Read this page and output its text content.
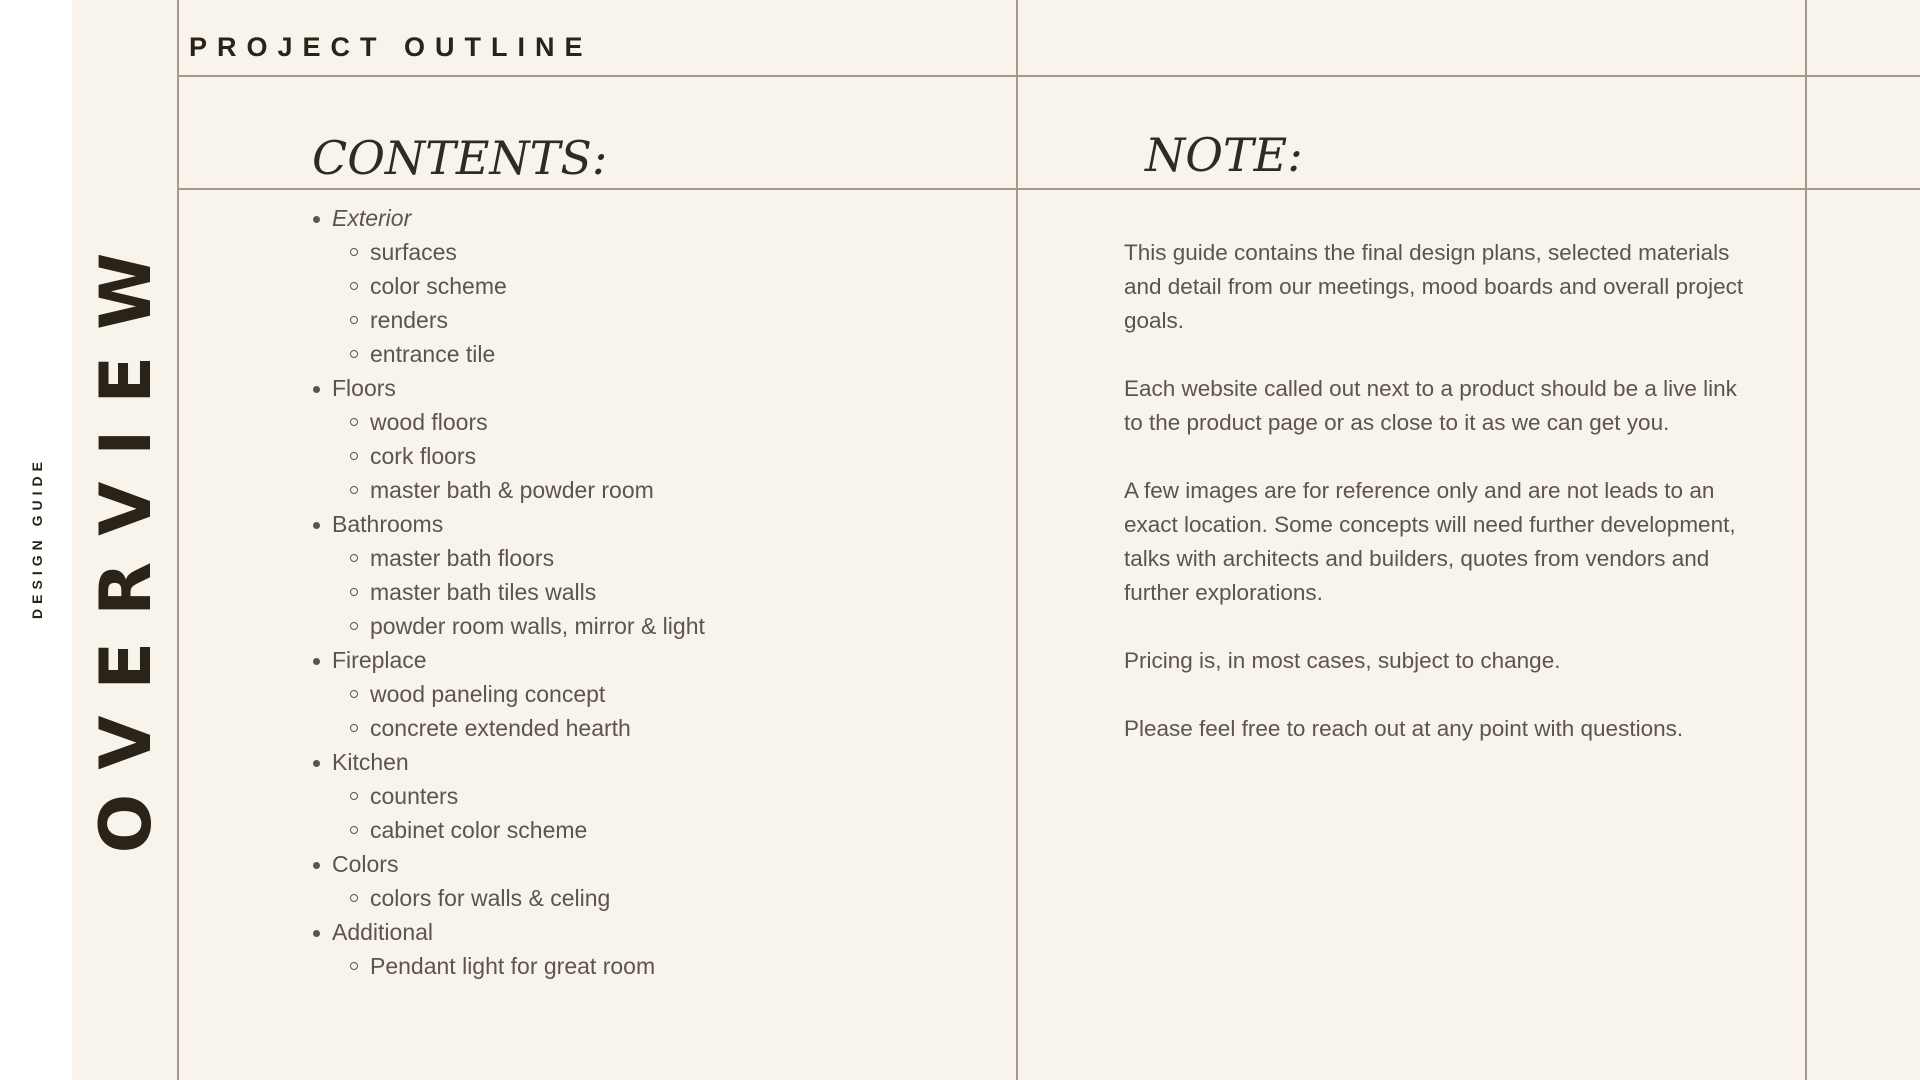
DESIGN GUIDE OVERVIEW
PROJECT OUTLINE
CONTENTS:	NOTE:
Exterior
surfaces
color scheme
renders
entrance tile
Floors
wood floors
cork floors
master bath & powder room
Bathrooms
master bath floors
master bath tiles walls
powder room walls, mirror & light
Fireplace
wood paneling concept
concrete extended hearth
Kitchen
counters
cabinet color scheme
Colors
colors for walls & celing
Additional
Pendant light for great room

This guide contains the final design plans, selected materials and detail from our meetings, mood boards and overall project goals.

Each website called out next to a product should be a live link to the product page or as close to it as we can get you.

A few images are for reference only and are not leads to an exact location. Some concepts will need further development, talks with architects and builders, quotes from vendors and further explorations.

Pricing is, in most cases, subject to change.

Please feel free to reach out at any point with questions.
